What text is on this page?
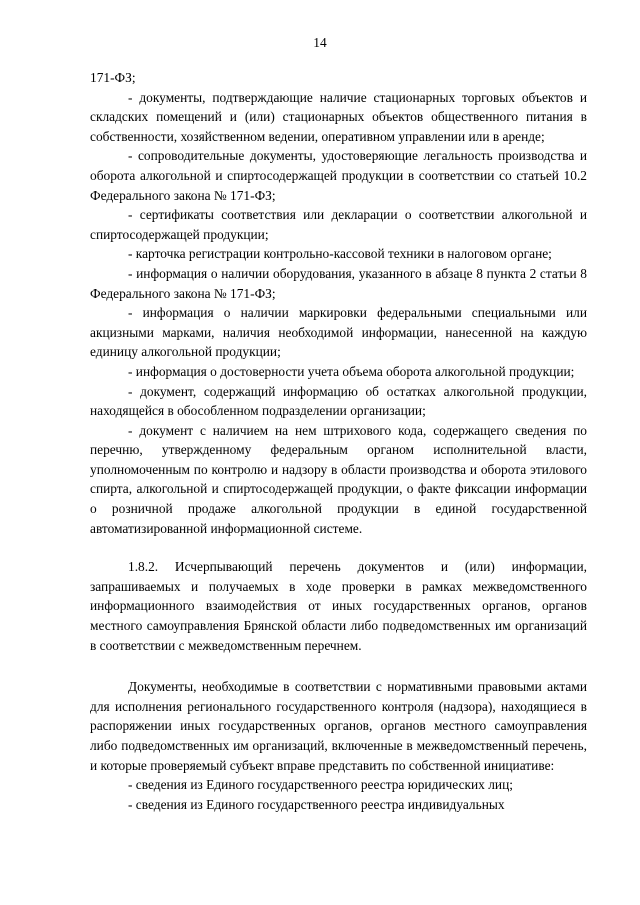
14

171-ФЗ;

- документы, подтверждающие наличие стационарных торговых объектов и складских помещений и (или) стационарных объектов общественного питания в собственности, хозяйственном ведении, оперативном управлении или в аренде;

- сопроводительные документы, удостоверяющие легальность производства и оборота алкогольной и спиртосодержащей продукции в соответствии со статьей 10.2 Федерального закона № 171-ФЗ;

- сертификаты соответствия или декларации о соответствии алкогольной и спиртосодержащей продукции;

- карточка регистрации контрольно-кассовой техники в налоговом органе;

- информация о наличии оборудования, указанного в абзаце 8 пункта 2 статьи 8 Федерального закона № 171-ФЗ;

- информация о наличии маркировки федеральными специальными или акцизными марками, наличия необходимой информации, нанесенной на каждую единицу алкогольной продукции;

- информация о достоверности учета объема оборота алкогольной продукции;

- документ, содержащий информацию об остатках алкогольной продукции, находящейся в обособленном подразделении организации;

- документ с наличием на нем штрихового кода, содержащего сведения по перечню, утвержденному федеральным органом исполнительной власти, уполномоченным по контролю и надзору в области производства и оборота этилового спирта, алкогольной и спиртосодержащей продукции, о факте фиксации информации о розничной продаже алкогольной продукции в единой государственной автоматизированной информационной системе.

1.8.2. Исчерпывающий перечень документов и (или) информации, запрашиваемых и получаемых в ходе проверки в рамках межведомственного информационного взаимодействия от иных государственных органов, органов местного самоуправления Брянской области либо подведомственных им организаций в соответствии с межведомственным перечнем.

Документы, необходимые в соответствии с нормативными правовыми актами для исполнения регионального государственного контроля (надзора), находящиеся в распоряжении иных государственных органов, органов местного самоуправления либо подведомственных им организаций, включенные в межведомственный перечень, и которые проверяемый субъект вправе представить по собственной инициативе:

- сведения из Единого государственного реестра юридических лиц;

- сведения из Единого государственного реестра индивидуальных
